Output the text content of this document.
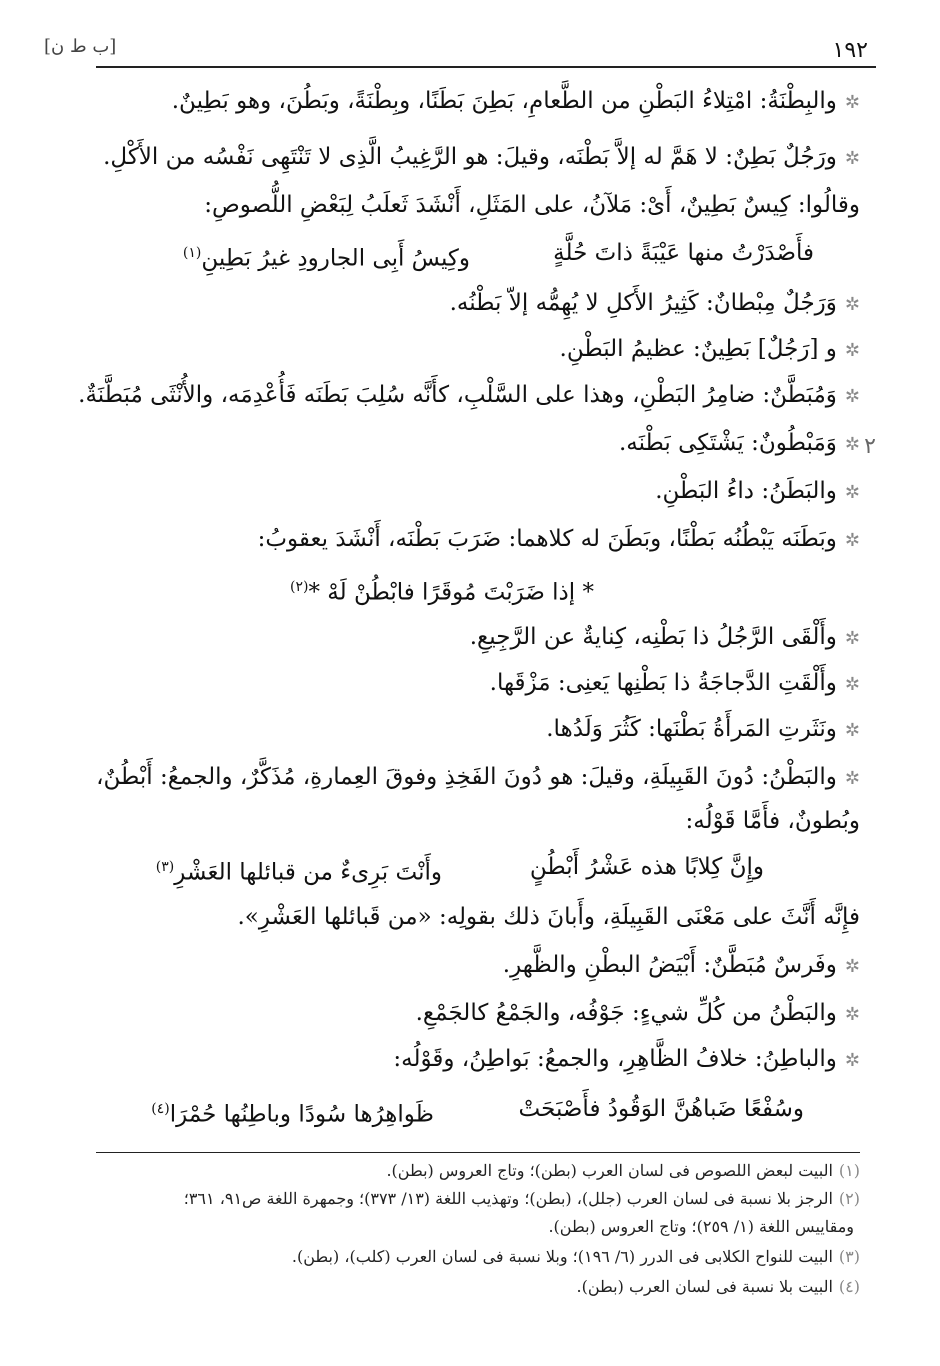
١٩٢
[ب ط ن]
✲والبِطْنَةُ: امْتِلاءُ البَطْنِ من الطَّعامِ، بَطِنَ بَطَنًا، وبِطْنَةً، وبَطُنَ، وهو بَطِينٌ.
✲ورَجُلٌ بَطِنٌ: لا هَمَّ له إلاَّ بَطْنَه، وقيلَ: هو الرَّغِيبُ الَّذِى لا تَنْتَهِى نَفْسُه من الأَكْلِ.
وقالُوا: كِيسٌ بَطِينٌ، أَىْ: مَلآنُ، على المَثَلِ، أَنْشَدَ ثَعلَبُ لِبَعْضِ اللُّصوصِ:
فأَصْدَرْتُ منها عَيْبَةً ذاتَ حُلَّةٍ
وكِيسُ أَبِى الجارودِ غيرُ بَطِينِ$^{(١)}$
✲وَرَجُلٌ مِبْطانٌ: كَثِيرُ الأَكلِ لا يُهِمُّه إلاّ بَطْنُه.
✲و [رَجُلٌ] بَطِينٌ: عظيمُ البَطْنِ.
✲وَمُبَطَّنٌ: ضامِرُ البَطْنِ، وهذا على السَّلْبِ، كأَنَّه سُلِبَ بَطَنَه فَأُعْدِمَه، والأُنْثَى مُبَطَّنَةٌ.
✲وَمَبْطُونٌ: يَشْتَكِى بَطْنَه.	٢
✲والبَطَنُ: داءُ البَطْنِ.
✲وبَطَنَه يَبْطُنُه بَطْنًا، وبَطَنَ له كلاهما: ضَرَبَ بَطْنَه، أَنْشَدَ يعقوبُ:
* إذا ضَرَبْتَ مُوقَرًا فابْطُنْ لَهْ *$^{(٢)}$
✲وأَلْقَى الرَّجُلُ ذا بَطْنِه، كِنايةٌ عن الرَّجِيعِ.
✲وأَلْقَتِ الدَّجاجَةُ ذا بَطْنِها يَعنِى: مَزْقَها.
✲ونَثَرتِ المَرأَةُ بَطْنَها: كَثُرَ وَلَدُها.
✲والبَطْنُ: دُونَ القَبِيلَةِ، وقيلَ: هو دُونَ الفَخِذِ وفوقَ العِمارةِ، مُذَكَّرٌ، والجمعُ: أَبْطُنٌ،
وبُطونٌ، فأَمَّا قَوْلُه:
وإِنَّ كِلابًا هذه عَشْرُ أَبْطُنٍ
وأَنْتَ بَرِىءٌ من قبائلها العَشْرِ$^{(٣)}$
فإِنَّه أَنَّثَ على مَعْنَى القَبِيلَةِ، وأَبانَ ذلك بقولِه: «من قَبائلها العَشْرِ».
✲وفَرسٌ مُبَطَّنٌ: أَبْيَضُ البطْنِ والظَّهرِ.
✲والبَطْنُ من كُلِّ شيءٍ: جَوْفُه، والجَمْعُ كالجَمْعِ.
✲والباطِنُ: خلافُ الظَّاهِرِ، والجمعُ: بَواطِنُ، وقَوْلُه:
وسُفْعًا ضَباهُنَّ الوَقُودُ فأَصْبَحَتْ
ظَواهِرُها سُودًا وباطِنُها حُمْرَا$^{(٤)}$
(١)البيت لبعض اللصوص فى لسان العرب (بطن)؛ وتاج العروس (بطن).
(٢)الرجز بلا نسبة فى لسان العرب (جلل)، (بطن)؛ وتهذيب اللغة (١٣/ ٣٧٣)؛ وجمهرة اللغة ص٩١، ٣٦١؛
ومقاييس اللغة (١/ ٢٥٩)؛ وتاج العروس (بطن).
(٣)البيت للنواح الكلابى فى الدرر (٦/ ١٩٦)؛ وبلا نسبة فى لسان العرب (كلب)، (بطن).
(٤)البيت بلا نسبة فى لسان العرب (بطن).
